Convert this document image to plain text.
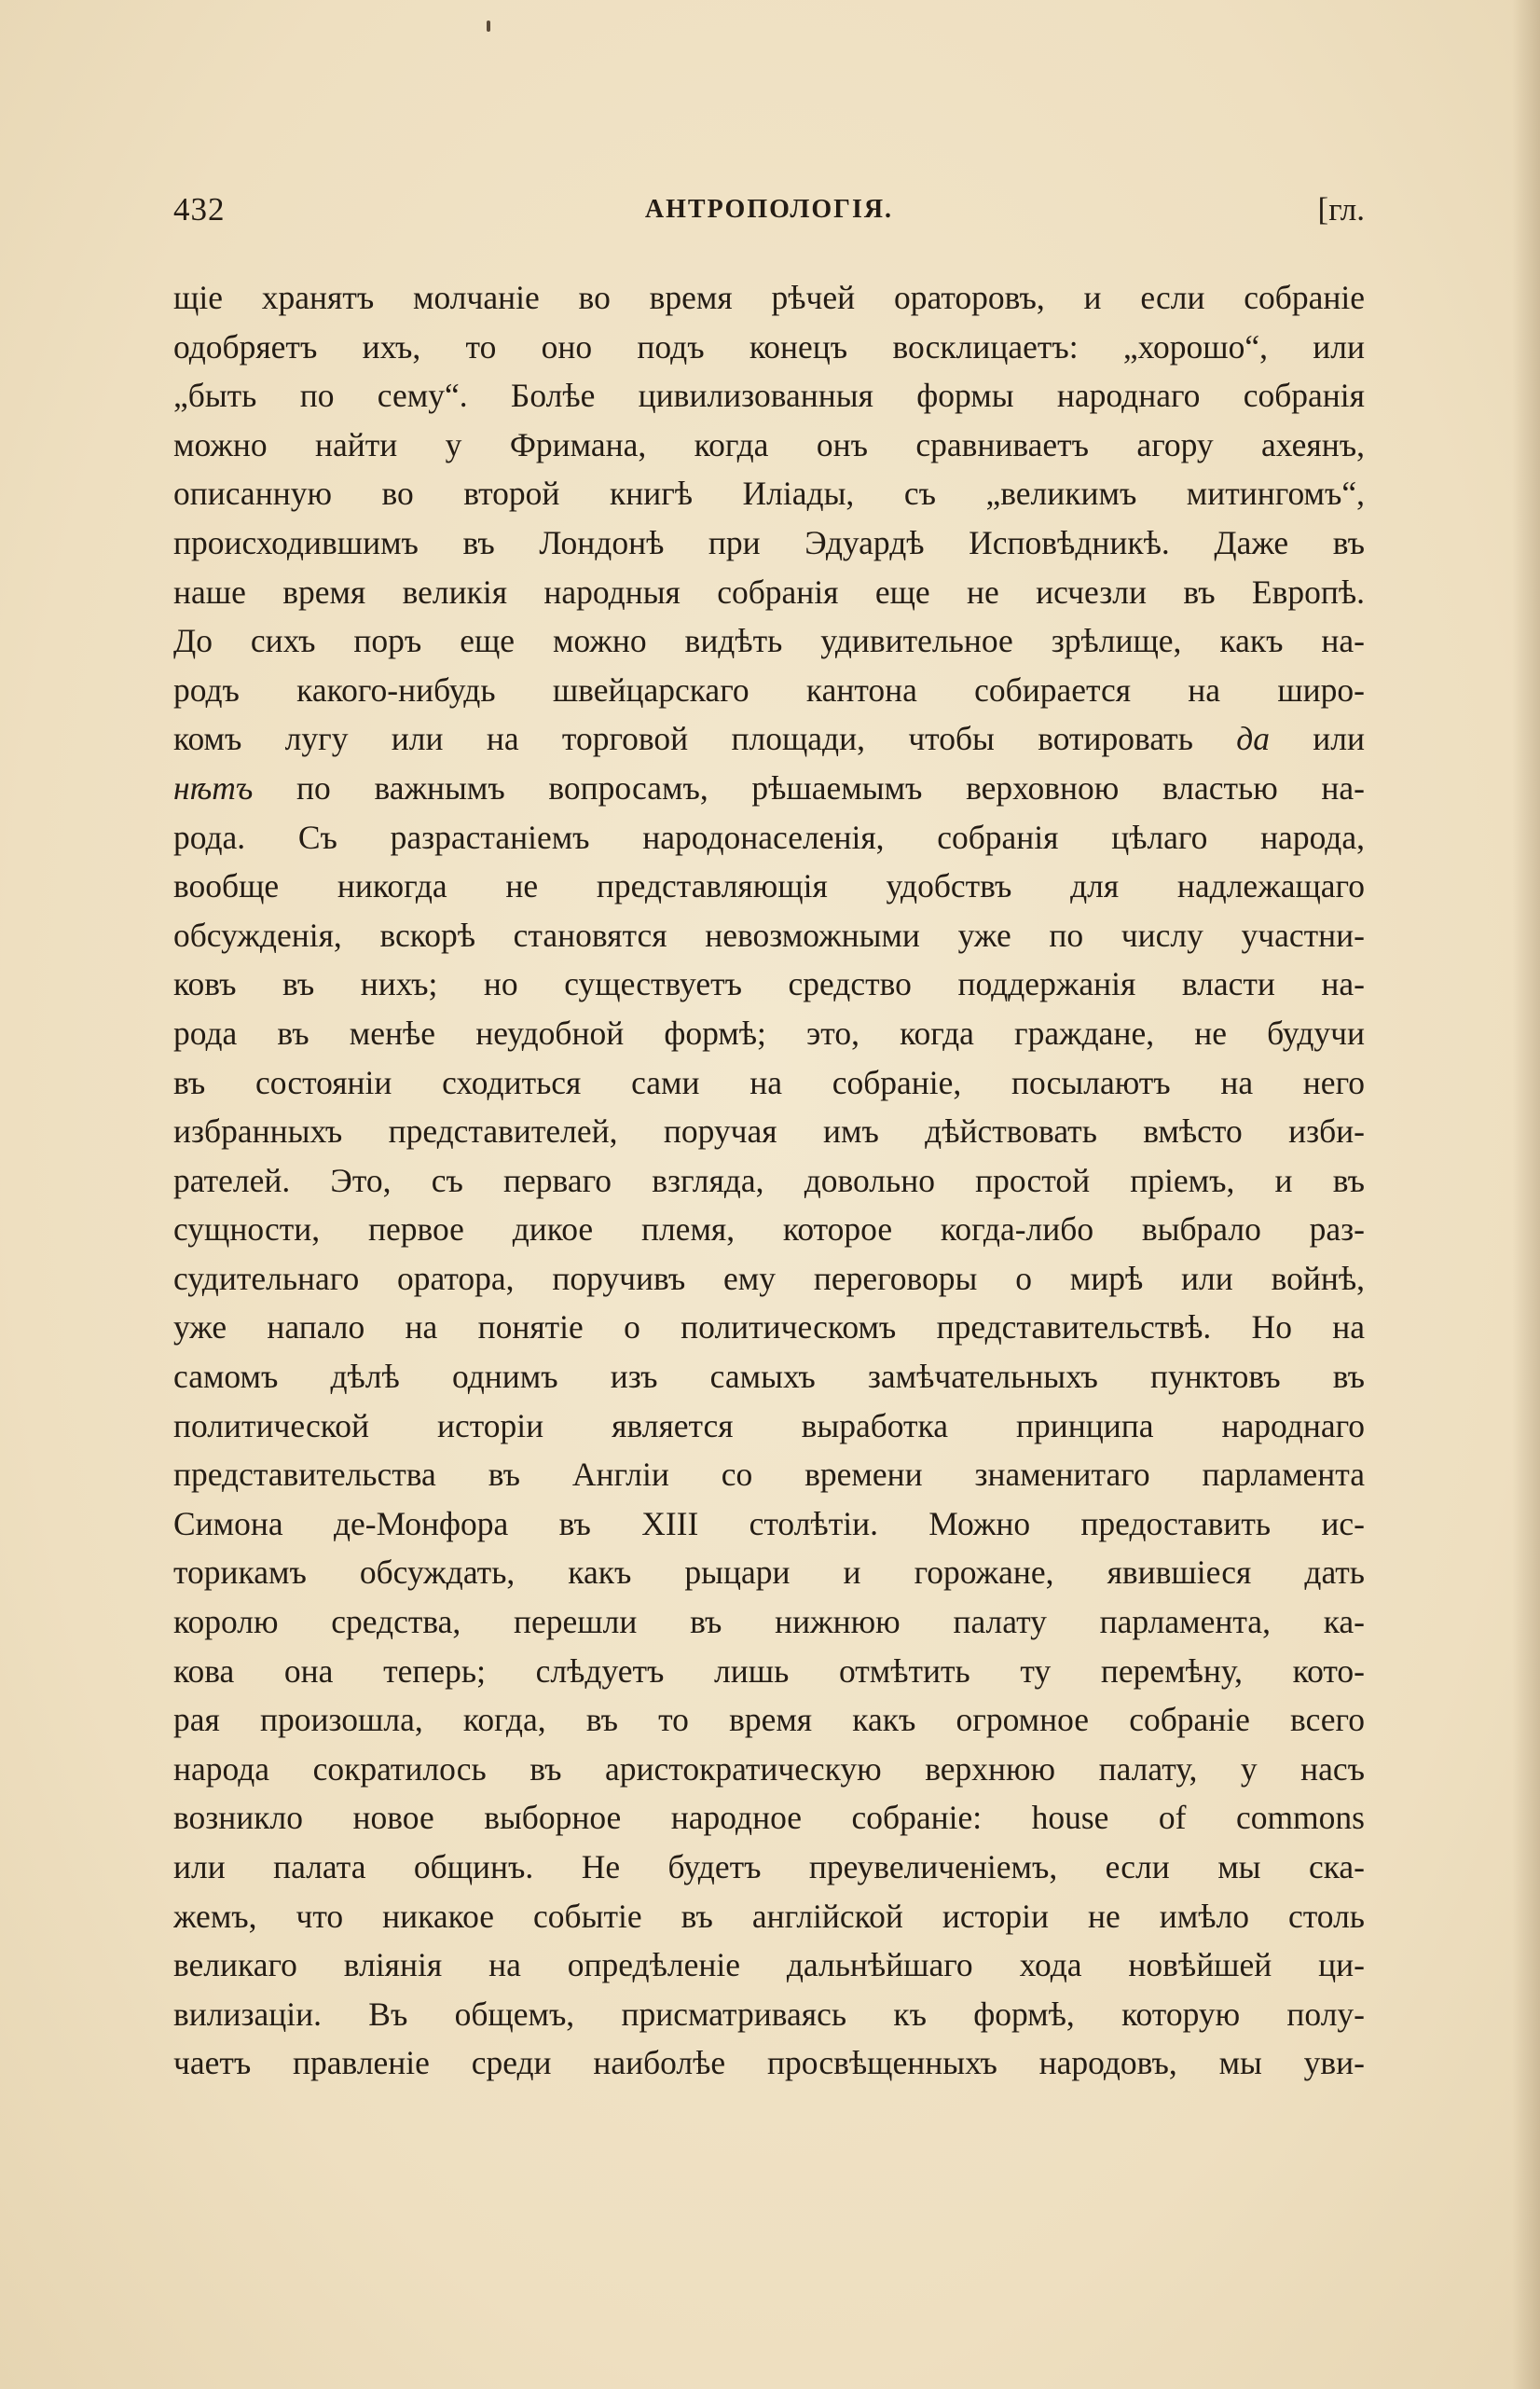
432	АНТРОПОЛОГІЯ.	[гл.
щіе хранятъ молчаніе во время рѣчей ораторовъ, и если собраніе
одобряетъ ихъ, то оно подъ конецъ восклицаетъ: „хорошо“, или
„быть по сему“. Болѣе цивилизованныя формы народнаго собранія
можно найти у Фримана, когда онъ сравниваетъ агору ахеянъ,
описанную во второй книгѣ Иліады, съ „великимъ митингомъ“,
происходившимъ въ Лондонѣ при Эдуардѣ Исповѣдникѣ. Даже въ
наше время великія народныя собранія еще не исчезли въ Европѣ.
До сихъ поръ еще можно видѣть удивительное зрѣлище, какъ на-
родъ какого-нибудь швейцарскаго кантона собирается на широ-
комъ лугу или на торговой площади, чтобы вотировать да или
нѣтъ по важнымъ вопросамъ, рѣшаемымъ верховною властью на-
рода. Съ разрастаніемъ народонаселенія, собранія цѣлаго народа,
вообще никогда не представляющія удобствъ для надлежащаго
обсужденія, вскорѣ становятся невозможными уже по числу участни-
ковъ въ нихъ; но существуетъ средство поддержанія власти на-
рода въ менѣе неудобной формѣ; это, когда граждане, не будучи
въ состояніи сходиться сами на собраніе, посылаютъ на него
избранныхъ представителей, поручая имъ дѣйствовать вмѣсто изби-
рателей. Это, съ перваго взгляда, довольно простой пріемъ, и въ
сущности, первое дикое племя, которое когда-либо выбрало раз-
судительнаго оратора, поручивъ ему переговоры о мирѣ или войнѣ,
уже напало на понятіе о политическомъ представительствѣ. Но на
самомъ дѣлѣ однимъ изъ самыхъ замѣчательныхъ пунктовъ въ
политической исторіи является выработка принципа народнаго
представительства въ Англіи со времени знаменитаго парламента
Симона де-Монфора въ XIII столѣтіи. Можно предоставить ис-
торикамъ обсуждать, какъ рыцари и горожане, явившіеся дать
королю средства, перешли въ нижнюю палату парламента, ка-
кова она теперь; слѣдуетъ лишь отмѣтить ту перемѣну, кото-
рая произошла, когда, въ то время какъ огромное собраніе всего
народа сократилось въ аристократическую верхнюю палату, у насъ
возникло новое выборное народное собраніе: house of commons
или палата общинъ. Не будетъ преувеличеніемъ, если мы ска-
жемъ, что никакое событіе въ англійской исторіи не имѣло столь
великаго вліянія на опредѣленіе дальнѣйшаго хода новѣйшей ци-
вилизаціи. Въ общемъ, присматриваясь къ формѣ, которую полу-
чаетъ правленіе среди наиболѣе просвѣщенныхъ народовъ, мы уви-
